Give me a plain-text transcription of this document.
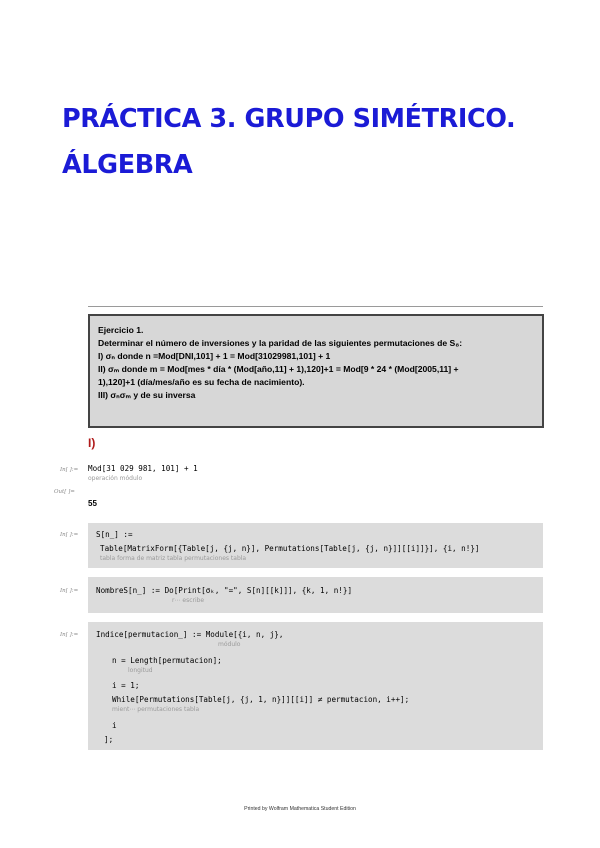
PRÁCTICA 3. GRUPO SIMÉTRICO.
ÁLGEBRA
Ejercicio 1.
Determinar el número de inversiones y la paridad de las siguientes permutaciones de S₈:
I) σₙ donde n =Mod[DNI,101] + 1 = Mod[31029981,101] + 1
II) σₘ donde m = Mod[mes * día * (Mod[año,11] + 1),120]+1 = Mod[9 * 24 * (Mod[2005,11] +
1),120]+1 (día/mes/año es su fecha de nacimiento).
III) σₙσₘ y de su inversa
I)
In[ ]:= Mod[31 029 981, 101] + 1
operación módulo
Out[ ]=
55
In[ ]:= S[n_] :=
Table[MatrixForm[{Table[j, {j, n}], Permutations[Table[j, {j, n}]][[i]]}], {i, n!}]
tabla forma de matriz tabla permutaciones tabla
In[ ]:= NombreS[n_] := Do[Print[σₖ, "=", S[n][[k]]], {k, 1, n!}]
r⋯ escribe
In[ ]:= Indice[permutacion_] := Module[{i, n, j},
módulo
n = Length[permutacion];
longitud
i = 1;
While[Permutations[Table[j, {j, 1, n}]][[i]] ≠ permutacion, i++];
mient⋯ permutaciones tabla
i
];
Printed by Wolfram Mathematica Student Edition
